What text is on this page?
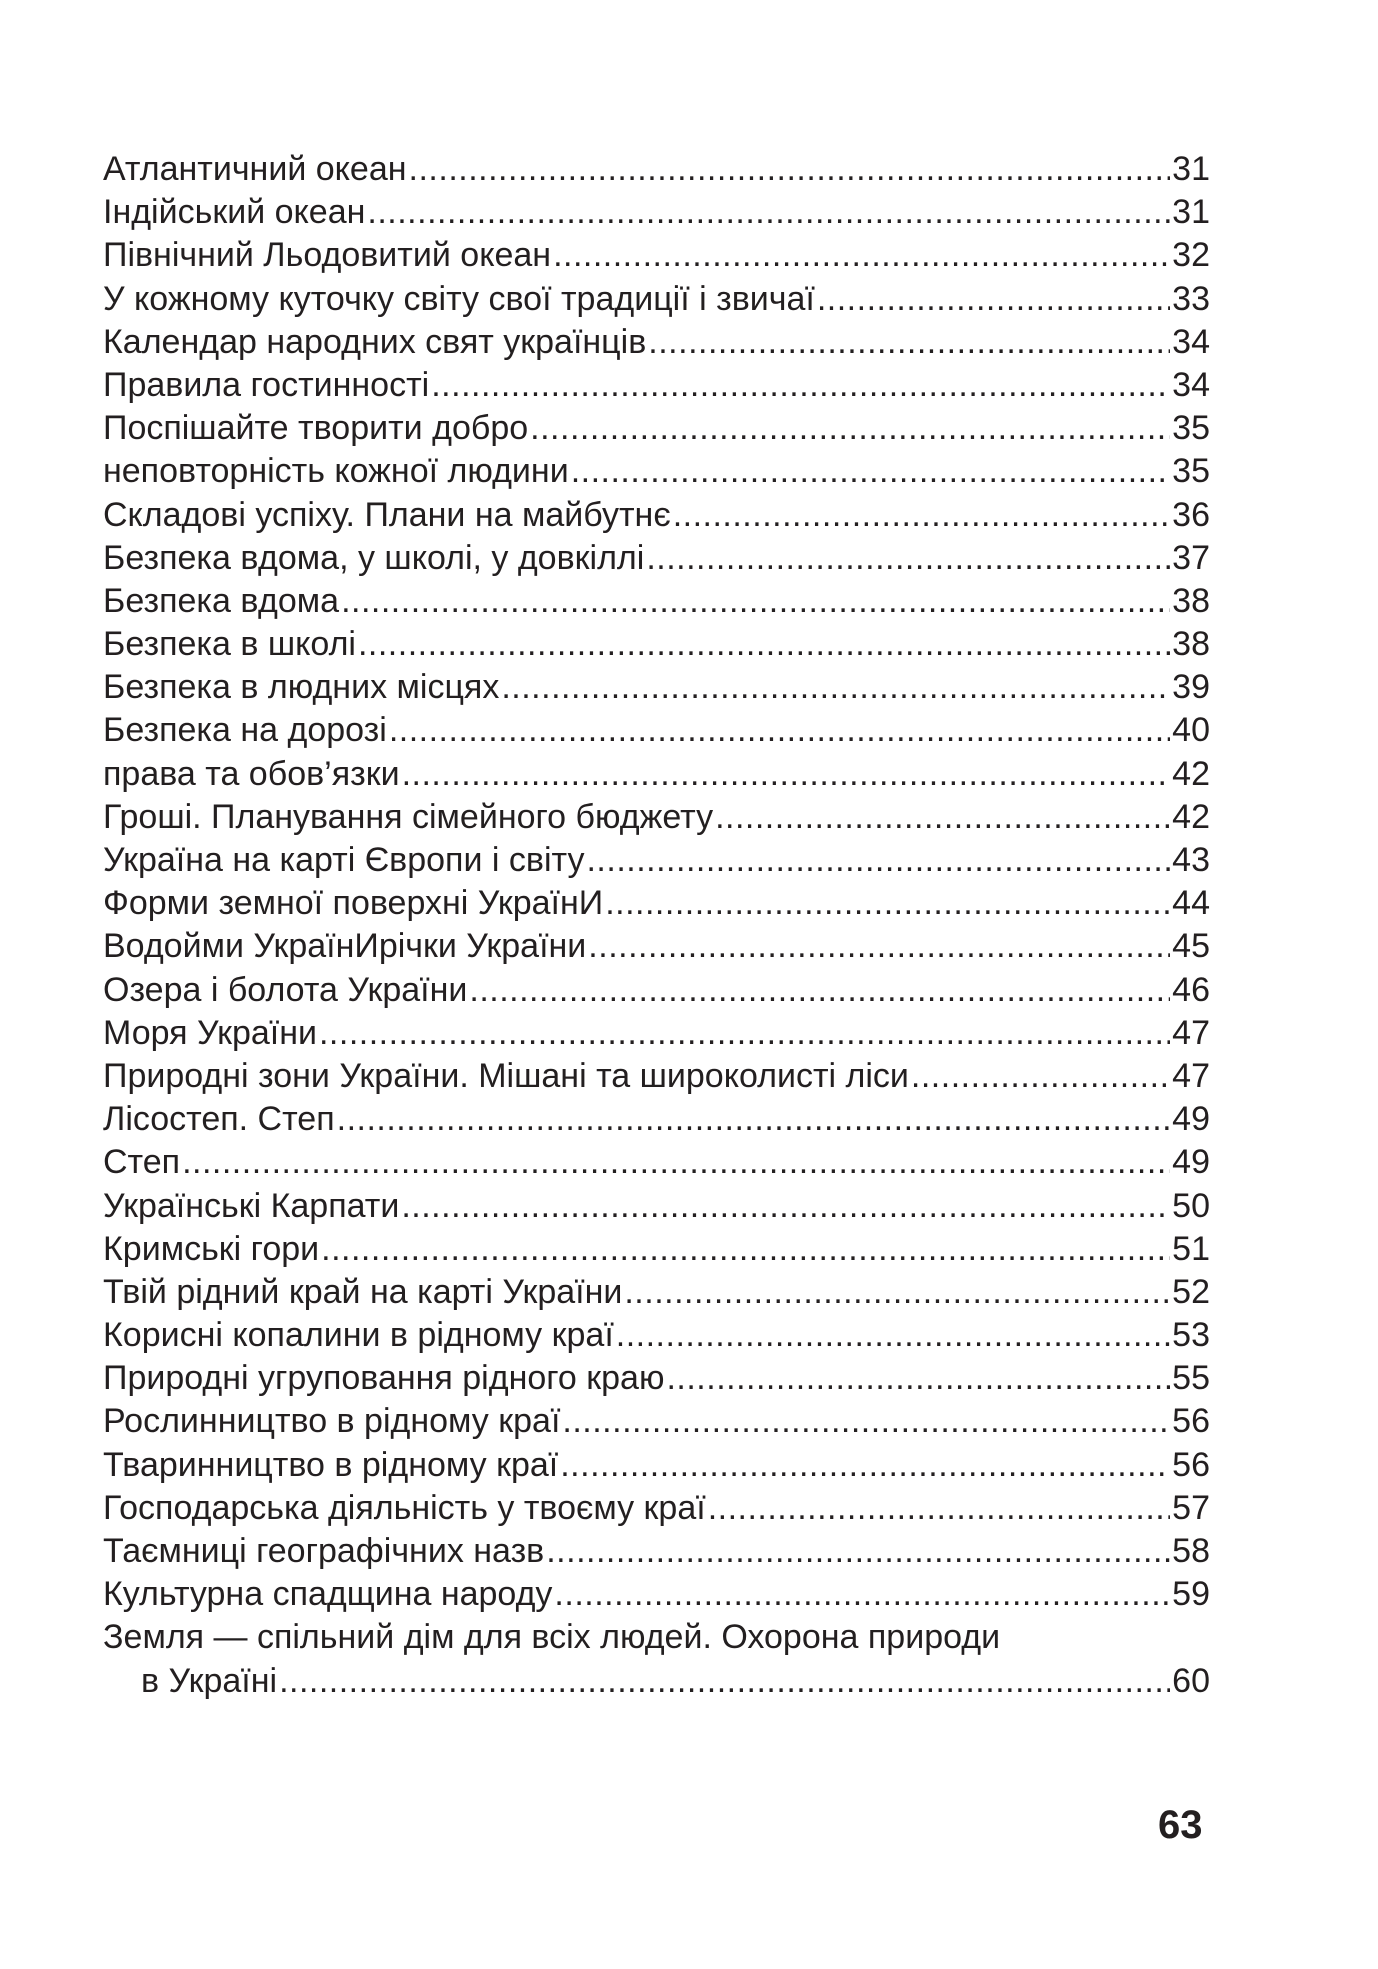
Атлантичний океан .....	31
Індійський океан .....	31
Північний Льодовитий океан .....	32
У кожному куточку світу свої традиції і звичаї .....	33
Календар народних свят українців .....	34
Правила гостинності .....	34
Поспішайте творити добро .....	35
неповторність кожної людини .....	35
Складові успіху. Плани на майбутнє .....	36
Безпека вдома, у школі, у довкіллі .....	37
Безпека вдома .....	38
Безпека в школі .....	38
Безпека в людних місцях .....	39
Безпека на дорозі .....	40
права та обов’язки .....	42
Гроші. Планування сімейного бюджету .....	42
Україна на карті Європи і світу .....	43
Форми земної поверхні УкраїнИ .....	44
Водойми УкраїнИрічки України .....	45
Озера і болота України .....	46
Моря України .....	47
Природні зони України. Мішані та широколисті ліси .....	47
Лісостеп. Степ .....	49
Степ .....	49
Українські Карпати .....	50
Кримські гори .....	51
Твій рідний край на карті України .....	52
Корисні копалини в рідному краї .....	53
Природні угруповання рідного краю .....	55
Рослинництво в рідному краї .....	56
Тваринництво в рідному краї .....	56
Господарська діяльність у твоєму краї .....	57
Таємниці географічних назв .....	58
Культурна спадщина народу .....	59
Земля — спільний дім для всіх людей. Охорона природи
в Україні .....	60
63
